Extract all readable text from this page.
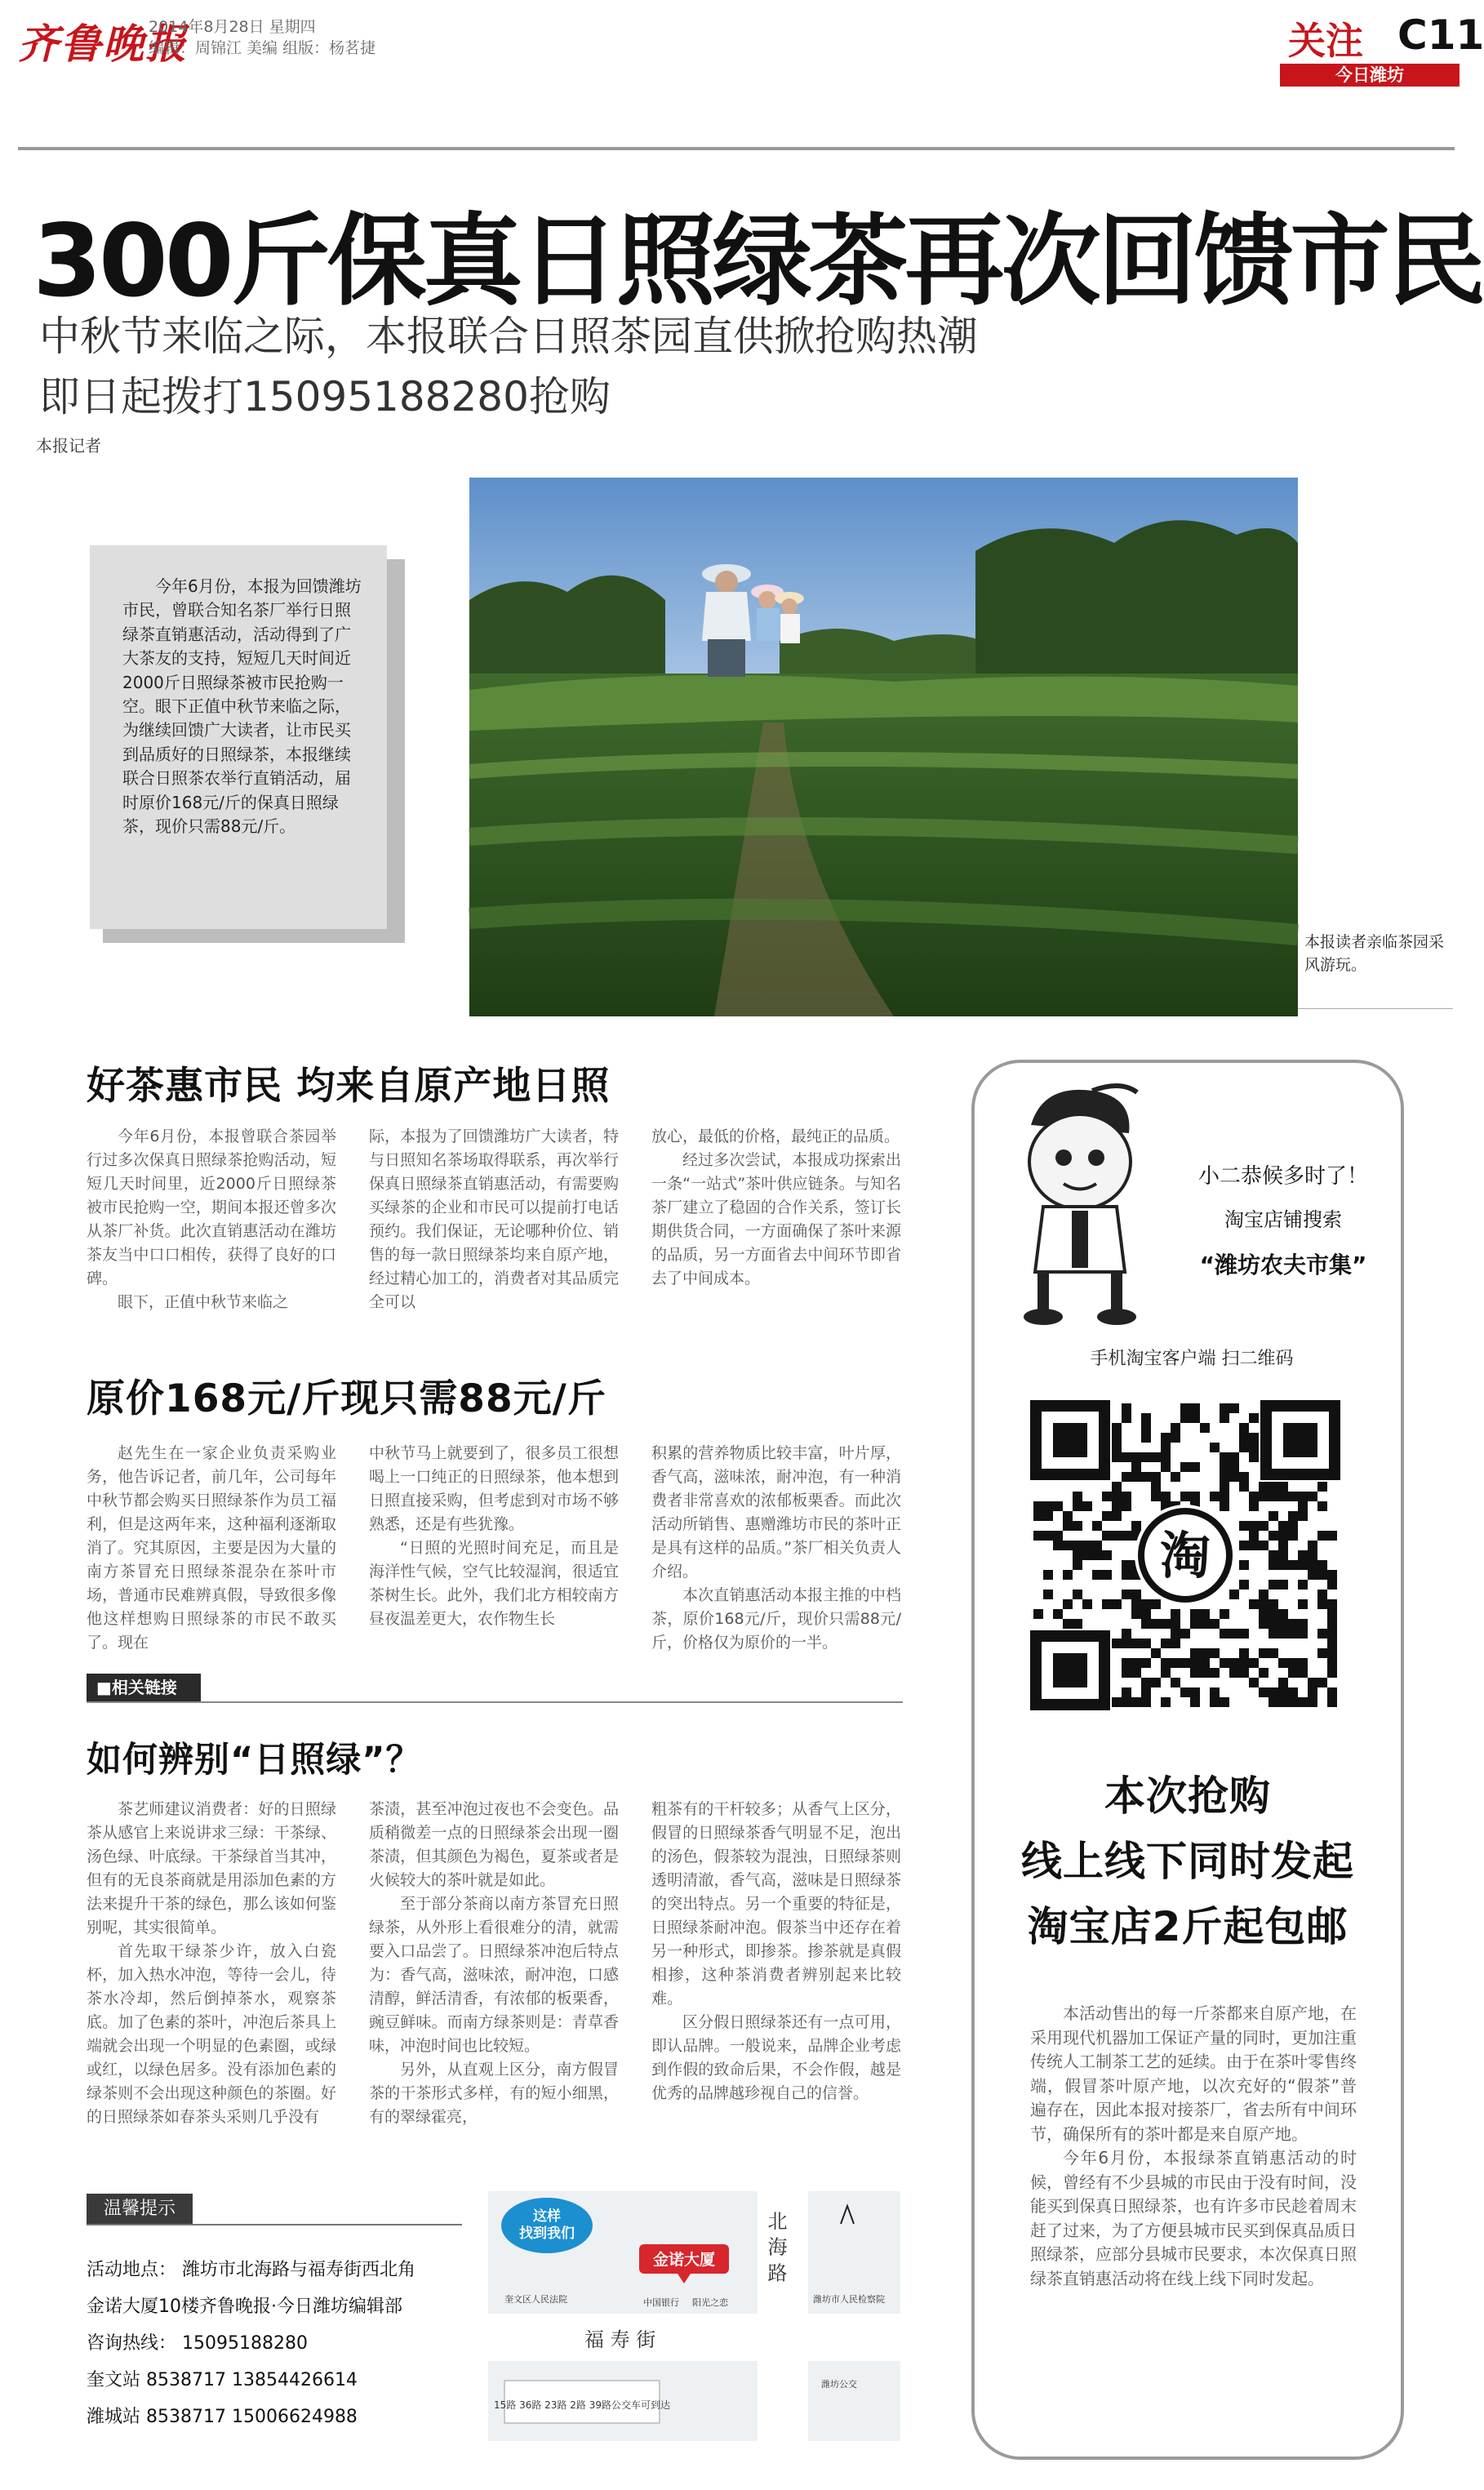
齐鲁晚报
2014年8月28日 星期四
编辑：周锦江 美编 组版：杨茗捷	关注 C11
今日潍坊
300斤保真日照绿茶再次回馈市民
中秋节来临之际，本报联合日照茶园直供掀抢购热潮
即日起拨打15095188280抢购
本报记者
今年6月份，本报为回馈潍坊市民，曾联合知名茶厂举行日照绿茶直销惠活动，活动得到了广大茶友的支持，短短几天时间近2000斤日照绿茶被市民抢购一空。眼下正值中秋节来临之际，为继续回馈广大读者，让市民买到品质好的日照绿茶，本报继续联合日照茶农举行直销活动，届时原价168元/斤的保真日照绿茶，现价只需88元/斤。
本报读者亲临茶园采风游玩。
好茶惠市民 均来自原产地日照

今年6月份，本报曾联合茶园举行过多次保真日照绿茶抢购活动，短短几天时间里，近2000斤日照绿茶被市民抢购一空，期间本报还曾多次从茶厂补货。此次直销惠活动在潍坊茶友当中口口相传，获得了良好的口碑。

眼下，正值中秋节来临之

际，本报为了回馈潍坊广大读者，特与日照知名茶场取得联系，再次举行保真日照绿茶直销惠活动，有需要购买绿茶的企业和市民可以提前打电话预约。我们保证，无论哪种价位、销售的每一款日照绿茶均来自原产地，经过精心加工的，消费者对其品质完全可以

放心，最低的价格，最纯正的品质。

经过多次尝试，本报成功探索出一条“一站式”茶叶供应链条。与知名茶厂建立了稳固的合作关系，签订长期供货合同，一方面确保了茶叶来源的品质，另一方面省去中间环节即省去了中间成本。

原价168元/斤现只需88元/斤

赵先生在一家企业负责采购业务，他告诉记者，前几年，公司每年中秋节都会购买日照绿茶作为员工福利，但是这两年来，这种福利逐渐取消了。究其原因，主要是因为大量的南方茶冒充日照绿茶混杂在茶叶市场，普通市民难辨真假，导致很多像他这样想购日照绿茶的市民不敢买了。现在

中秋节马上就要到了，很多员工很想喝上一口纯正的日照绿茶，他本想到日照直接采购，但考虑到对市场不够熟悉，还是有些犹豫。

“日照的光照时间充足，而且是海洋性气候，空气比较湿润，很适宜茶树生长。此外，我们北方相较南方昼夜温差更大，农作物生长

积累的营养物质比较丰富，叶片厚，香气高，滋味浓，耐冲泡，有一种消费者非常喜欢的浓郁板栗香。而此次活动所销售、惠赠潍坊市民的茶叶正是具有这样的品质。”茶厂相关负责人介绍。

本次直销惠活动本报主推的中档茶，原价168元/斤，现价只需88元/斤，价格仅为原价的一半。

■相关链接
如何辨别“日照绿”？

茶艺师建议消费者：好的日照绿茶从感官上来说讲求三绿：干茶绿、汤色绿、叶底绿。干茶绿首当其冲，但有的无良茶商就是用添加色素的方法来提升干茶的绿色，那么该如何鉴别呢，其实很简单。

首先取干绿茶少许，放入白瓷杯，加入热水冲泡，等待一会儿，待茶水冷却，然后倒掉茶水，观察茶底。加了色素的茶叶，冲泡后茶具上端就会出现一个明显的色素圈，或绿或红，以绿色居多。没有添加色素的绿茶则不会出现这种颜色的茶圈。好的日照绿茶如春茶头采则几乎没有

茶渍，甚至冲泡过夜也不会变色。品质稍微差一点的日照绿茶会出现一圈茶渍，但其颜色为褐色，夏茶或者是火候较大的茶叶就是如此。

至于部分茶商以南方茶冒充日照绿茶，从外形上看很难分的清，就需要入口品尝了。日照绿茶冲泡后特点为：香气高，滋味浓，耐冲泡，口感清醇，鲜活清香，有浓郁的板栗香，豌豆鲜味。而南方绿茶则是：青草香味，冲泡时间也比较短。

另外，从直观上区分，南方假冒茶的干茶形式多样，有的短小细黑，有的翠绿霍亮，

粗茶有的干杆较多；从香气上区分，假冒的日照绿茶香气明显不足，泡出的汤色，假茶较为混浊，日照绿茶则透明清澈，香气高，滋味是日照绿茶的突出特点。另一个重要的特征是，日照绿茶耐冲泡。假茶当中还存在着另一种形式，即掺茶。掺茶就是真假相掺，这种茶消费者辨别起来比较难。

区分假日照绿茶还有一点可用，即认品牌。一般说来，品牌企业考虑到作假的致命后果，不会作假，越是优秀的品牌越珍视自己的信誉。

温馨提示
活动地点： 潍坊市北海路与福寿街西北角
金诺大厦10楼齐鲁晚报·今日潍坊编辑部
咨询热线： 15095188280
奎文站 8538717 13854426614
潍城站 8538717 15006624988
福 寿 街
北 海 路
这样
找到我们
金诺大厦
奎文区人民法院	中国银行 阳光之恋	潍坊市人民检察院
潍坊公交
15路 36路 23路 2路 39路公交车可到达
小二恭候多时了！
淘宝店铺搜索
“潍坊农夫市集”
手机淘宝客户端 扫二维码
淘
本次抢购
线上线下同时发起
淘宝店2斤起包邮

本活动售出的每一斤茶都来自原产地，在采用现代机器加工保证产量的同时，更加注重传统人工制茶工艺的延续。由于在茶叶零售终端，假冒茶叶原产地，以次充好的“假茶”普遍存在，因此本报对接茶厂，省去所有中间环节，确保所有的茶叶都是来自原产地。

今年6月份，本报绿茶直销惠活动的时候，曾经有不少县城的市民由于没有时间，没能买到保真日照绿茶，也有许多市民趁着周末赶了过来，为了方便县城市民买到保真品质日照绿茶，应部分县城市民要求，本次保真日照绿茶直销惠活动将在线上线下同时发起。
